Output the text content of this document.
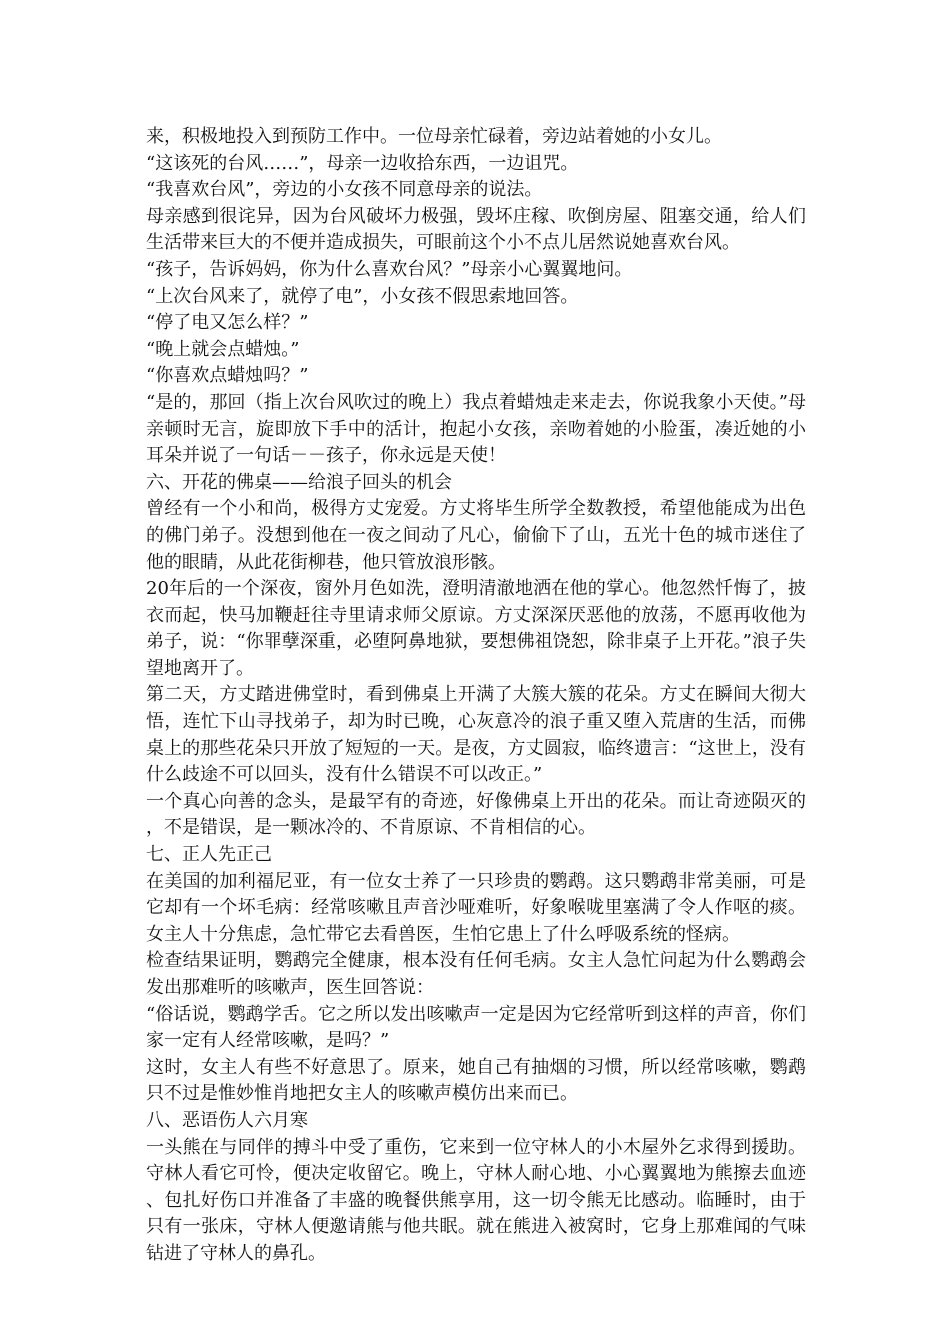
来，积极地投入到预防工作中。一位母亲忙碌着，旁边站着她的小女儿。

“这该死的台风……”，母亲一边收拾东西，一边诅咒。

“我喜欢台风”，旁边的小女孩不同意母亲的说法。

母亲感到很诧异，因为台风破坏力极强，毁坏庄稼、吹倒房屋、阻塞交通，给人们生活带来巨大的不便并造成损失，可眼前这个小不点儿居然说她喜欢台风。

“孩子，告诉妈妈，你为什么喜欢台风？”母亲小心翼翼地问。

“上次台风来了，就停了电”，小女孩不假思索地回答。

“停了电又怎么样？”

“晚上就会点蜡烛。”

“你喜欢点蜡烛吗？”

“是的，那回（指上次台风吹过的晚上）我点着蜡烛走来走去，你说我象小天使。”母亲顿时无言，旋即放下手中的活计，抱起小女孩，亲吻着她的小脸蛋，凑近她的小耳朵并说了一句话－－孩子，你永远是天使！

六、开花的佛桌——给浪子回头的机会

曾经有一个小和尚，极得方丈宠爱。方丈将毕生所学全数教授，希望他能成为出色的佛门弟子。没想到他在一夜之间动了凡心，偷偷下了山，五光十色的城市迷住了他的眼睛，从此花街柳巷，他只管放浪形骸。

20年后的一个深夜，窗外月色如洗，澄明清澈地洒在他的掌心。他忽然忏悔了，披衣而起，快马加鞭赶往寺里请求师父原谅。方丈深深厌恶他的放荡，不愿再收他为弟子，说：“你罪孽深重，必堕阿鼻地狱，要想佛祖饶恕，除非桌子上开花。”浪子失望地离开了。

第二天，方丈踏进佛堂时，看到佛桌上开满了大簇大簇的花朵。方丈在瞬间大彻大悟，连忙下山寻找弟子，却为时已晚，心灰意冷的浪子重又堕入荒唐的生活，而佛桌上的那些花朵只开放了短短的一天。是夜，方丈圆寂，临终遗言：“这世上，没有什么歧途不可以回头，没有什么错误不可以改正。”

一个真心向善的念头，是最罕有的奇迹，好像佛桌上开出的花朵。而让奇迹陨灭的，不是错误，是一颗冰冷的、不肯原谅、不肯相信的心。

七、正人先正己

在美国的加利福尼亚，有一位女士养了一只珍贵的鹦鹉。这只鹦鹉非常美丽，可是它却有一个坏毛病：经常咳嗽且声音沙哑难听，好象喉咙里塞满了令人作呕的痰。女主人十分焦虑，急忙带它去看兽医，生怕它患上了什么呼吸系统的怪病。

检查结果证明，鹦鹉完全健康，根本没有任何毛病。女主人急忙问起为什么鹦鹉会发出那难听的咳嗽声，医生回答说：

“俗话说，鹦鹉学舌。它之所以发出咳嗽声一定是因为它经常听到这样的声音，你们家一定有人经常咳嗽，是吗？”

这时，女主人有些不好意思了。原来，她自己有抽烟的习惯，所以经常咳嗽，鹦鹉只不过是惟妙惟肖地把女主人的咳嗽声模仿出来而已。

八、恶语伤人六月寒

一头熊在与同伴的搏斗中受了重伤，它来到一位守林人的小木屋外乞求得到援助。守林人看它可怜，便决定收留它。晚上，守林人耐心地、小心翼翼地为熊擦去血迹、包扎好伤口并准备了丰盛的晚餐供熊享用，这一切令熊无比感动。临睡时，由于只有一张床，守林人便邀请熊与他共眠。就在熊进入被窝时，它身上那难闻的气味钻进了守林人的鼻孔。
